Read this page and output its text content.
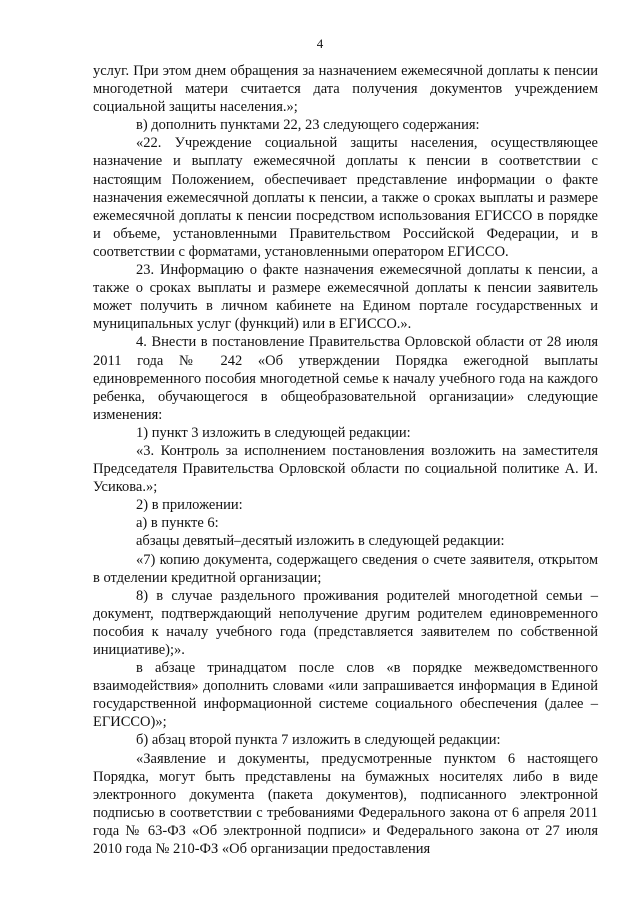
4

услуг. При этом днем обращения за назначением ежемесячной доплаты к пенсии многодетной матери считается дата получения документов учреждением социальной защиты населения.»;

в) дополнить пунктами 22, 23 следующего содержания:

«22. Учреждение социальной защиты населения, осуществляющее назначение и выплату ежемесячной доплаты к пенсии в соответствии с настоящим Положением, обеспечивает представление информации о факте назначения ежемесячной доплаты к пенсии, а также о сроках выплаты и размере ежемесячной доплаты к пенсии посредством использования ЕГИССО в порядке и объеме, установленными Правительством Российской Федерации, и в соответствии с форматами, установленными оператором ЕГИССО.

23. Информацию о факте назначения ежемесячной доплаты к пенсии, а также о сроках выплаты и размере ежемесячной доплаты к пенсии заявитель может получить в личном кабинете на Едином портале государственных и муниципальных услуг (функций) или в ЕГИССО.».

4. Внести в постановление Правительства Орловской области от 28 июля 2011 года № 242 «Об утверждении Порядка ежегодной выплаты единовременного пособия многодетной семье к началу учебного года на каждого ребенка, обучающегося в общеобразовательной организации» следующие изменения:

1) пункт 3 изложить в следующей редакции:

«3. Контроль за исполнением постановления возложить на заместителя Председателя Правительства Орловской области по социальной политике А. И. Усикова.»;

2) в приложении:

а) в пункте 6:

абзацы девятый–десятый изложить в следующей редакции:

«7) копию документа, содержащего сведения о счете заявителя, открытом в отделении кредитной организации;

8) в случае раздельного проживания родителей многодетной семьи – документ, подтверждающий неполучение другим родителем единовременного пособия к началу учебного года (представляется заявителем по собственной инициативе);».

в абзаце тринадцатом после слов «в порядке межведомственного взаимодействия» дополнить словами «или запрашивается информация в Единой государственной информационной системе социального обеспечения (далее – ЕГИССО)»;

б) абзац второй пункта 7 изложить в следующей редакции:

«Заявление и документы, предусмотренные пунктом 6 настоящего Порядка, могут быть представлены на бумажных носителях либо в виде электронного документа (пакета документов), подписанного электронной подписью в соответствии с требованиями Федерального закона от 6 апреля 2011 года № 63-ФЗ «Об электронной подписи» и Федерального закона от 27 июля 2010 года № 210-ФЗ «Об организации предоставления
